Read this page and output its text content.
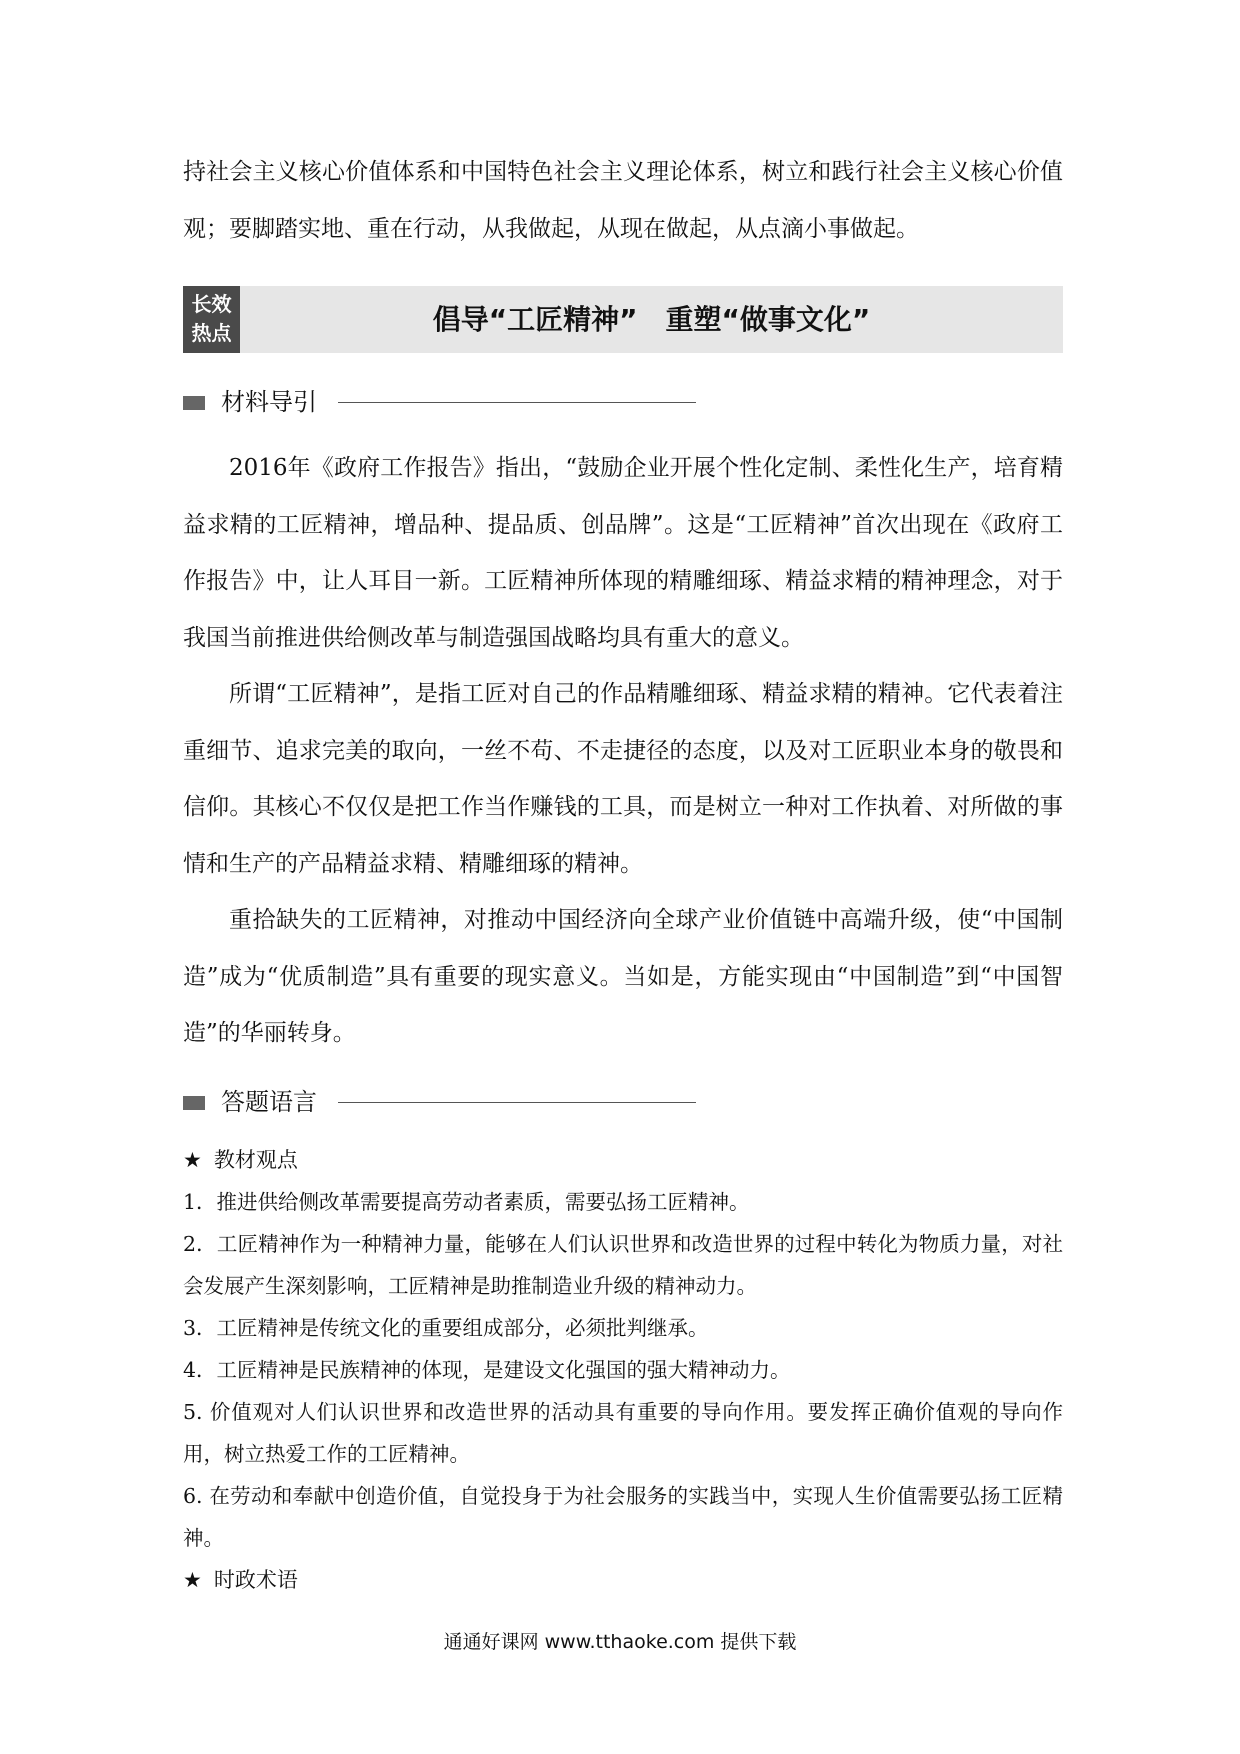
持社会主义核心价值体系和中国特色社会主义理论体系，树立和践行社会主义核心价值观；要脚踏实地、重在行动，从我做起，从现在做起，从点滴小事做起。

长效
热点	倡导“工匠精神”　重塑“做事文化”
材料导引

2016年《政府工作报告》指出，“鼓励企业开展个性化定制、柔性化生产，培育精益求精的工匠精神，增品种、提品质、创品牌”。这是“工匠精神”首次出现在《政府工作报告》中，让人耳目一新。工匠精神所体现的精雕细琢、精益求精的精神理念，对于我国当前推进供给侧改革与制造强国战略均具有重大的意义。

所谓“工匠精神”，是指工匠对自己的作品精雕细琢、精益求精的精神。它代表着注重细节、追求完美的取向，一丝不苟、不走捷径的态度，以及对工匠职业本身的敬畏和信仰。其核心不仅仅是把工作当作赚钱的工具，而是树立一种对工作执着、对所做的事情和生产的产品精益求精、精雕细琢的精神。

重拾缺失的工匠精神，对推动中国经济向全球产业价值链中高端升级，使“中国制造”成为“优质制造”具有重要的现实意义。当如是，方能实现由“中国制造”到“中国智造”的华丽转身。

答题语言

★ 教材观点

1．推进供给侧改革需要提高劳动者素质，需要弘扬工匠精神。

2．工匠精神作为一种精神力量，能够在人们认识世界和改造世界的过程中转化为物质力量，对社会发展产生深刻影响，工匠精神是助推制造业升级的精神动力。

3．工匠精神是传统文化的重要组成部分，必须批判继承。

4．工匠精神是民族精神的体现，是建设文化强国的强大精神动力。

5. 价值观对人们认识世界和改造世界的活动具有重要的导向作用。要发挥正确价值观的导向作用，树立热爱工作的工匠精神。

6. 在劳动和奉献中创造价值，自觉投身于为社会服务的实践当中，实现人生价值需要弘扬工匠精神。

★ 时政术语

通通好课网 www.tthaoke.com 提供下载
